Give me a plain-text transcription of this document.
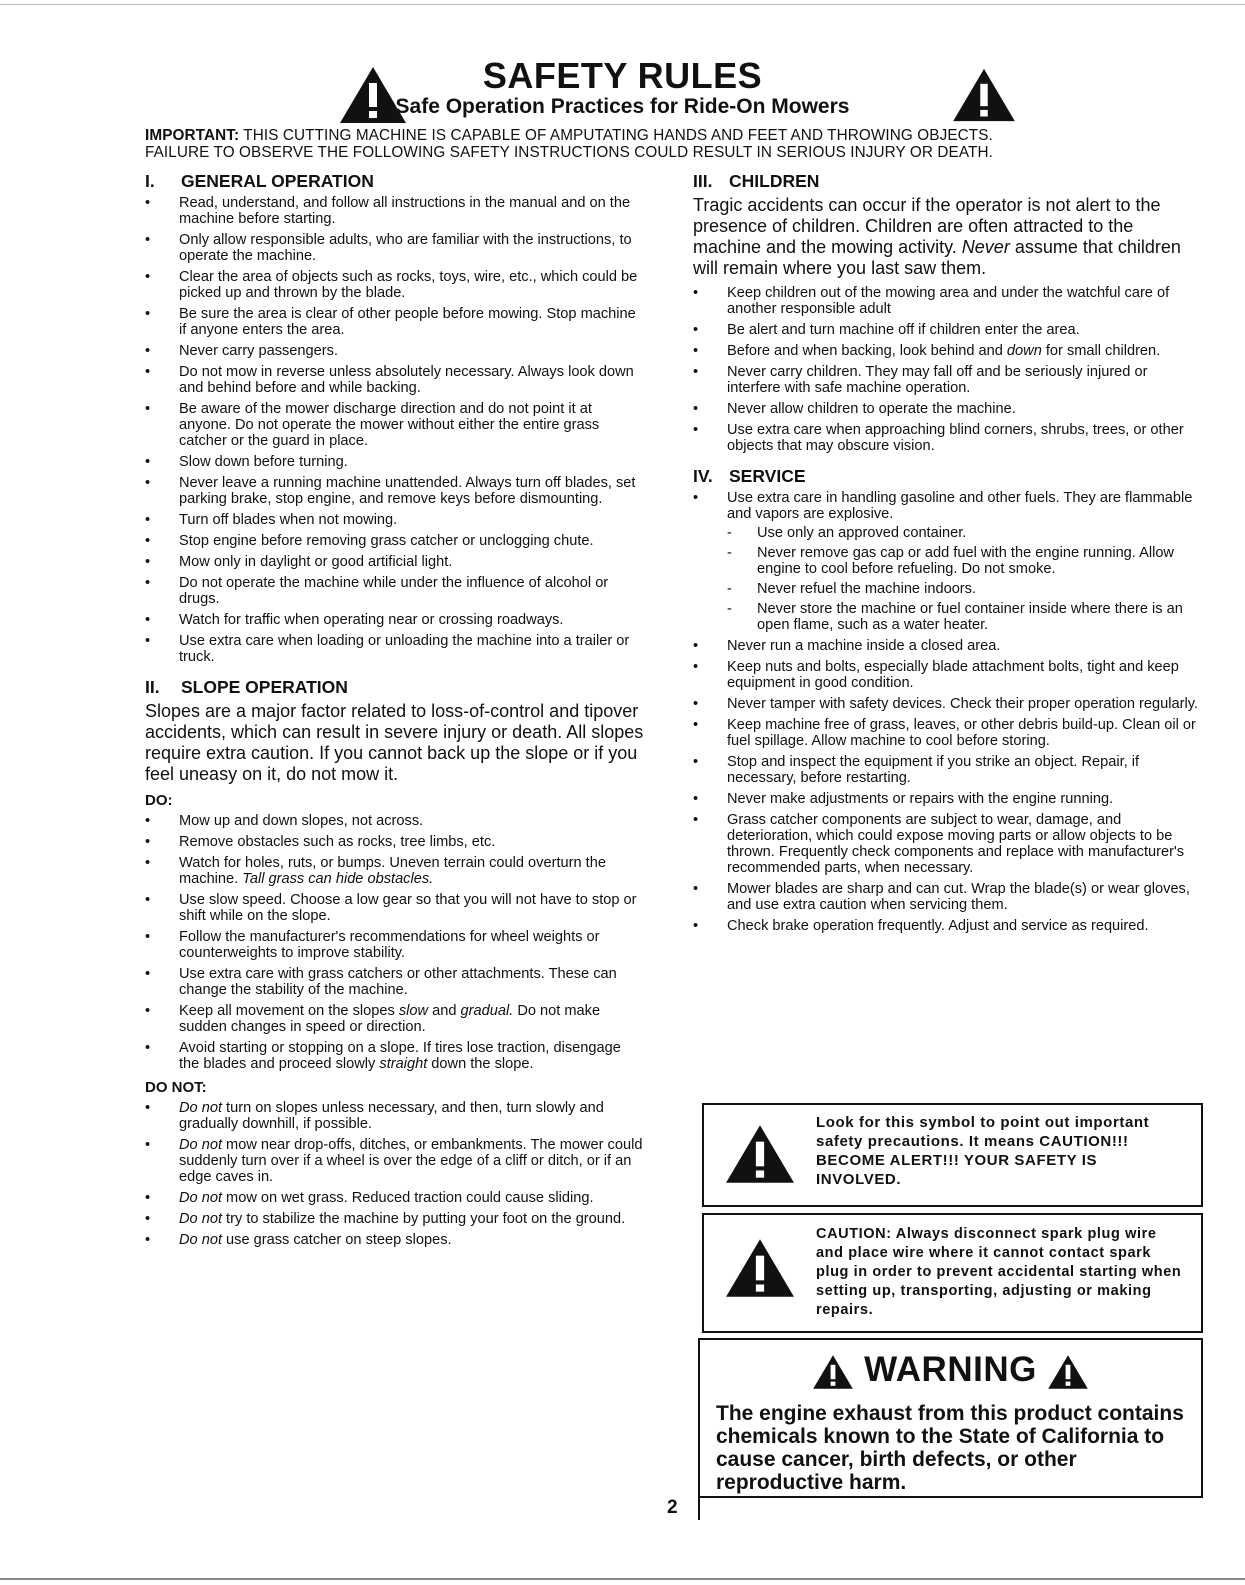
SAFETY RULES
Safe Operation Practices for Ride-On Mowers
IMPORTANT: THIS CUTTING MACHINE IS CAPABLE OF AMPUTATING HANDS AND FEET AND THROWING OBJECTS.
FAILURE TO OBSERVE THE FOLLOWING SAFETY INSTRUCTIONS COULD RESULT IN SERIOUS INJURY OR DEATH.
I. GENERAL OPERATION
• Read, understand, and follow all instructions in the manual and on the machine before starting.
• Only allow responsible adults, who are familiar with the instructions, to operate the machine.
• Clear the area of objects such as rocks, toys, wire, etc., which could be picked up and thrown by the blade.
• Be sure the area is clear of other people before mowing. Stop machine if anyone enters the area.
• Never carry passengers.
• Do not mow in reverse unless absolutely necessary. Always look down and behind before and while backing.
• Be aware of the mower discharge direction and do not point it at anyone. Do not operate the mower without either the entire grass catcher or the guard in place.
• Slow down before turning.
• Never leave a running machine unattended. Always turn off blades, set parking brake, stop engine, and remove keys before dismounting.
• Turn off blades when not mowing.
• Stop engine before removing grass catcher or unclogging chute.
• Mow only in daylight or good artificial light.
• Do not operate the machine while under the influence of alcohol or drugs.
• Watch for traffic when operating near or crossing roadways.
• Use extra care when loading or unloading the machine into a trailer or truck.
II. SLOPE OPERATION

Slopes are a major factor related to loss-of-control and tipover accidents, which can result in severe injury or death. All slopes require extra caution. If you cannot back up the slope or if you feel uneasy on it, do not mow it.

DO:
• Mow up and down slopes, not across.
• Remove obstacles such as rocks, tree limbs, etc.
• Watch for holes, ruts, or bumps. Uneven terrain could overturn the machine. Tall grass can hide obstacles.
• Use slow speed. Choose a low gear so that you will not have to stop or shift while on the slope.
• Follow the manufacturer's recommendations for wheel weights or counterweights to improve stability.
• Use extra care with grass catchers or other attachments. These can change the stability of the machine.
• Keep all movement on the slopes slow and gradual. Do not make sudden changes in speed or direction.
• Avoid starting or stopping on a slope. If tires lose traction, disengage the blades and proceed slowly straight down the slope.
DO NOT:
• Do not turn on slopes unless necessary, and then, turn slowly and gradually downhill, if possible.
• Do not mow near drop-offs, ditches, or embankments. The mower could suddenly turn over if a wheel is over the edge of a cliff or ditch, or if an edge caves in.
• Do not mow on wet grass. Reduced traction could cause sliding.
• Do not try to stabilize the machine by putting your foot on the ground.
• Do not use grass catcher on steep slopes.
III. CHILDREN

Tragic accidents can occur if the operator is not alert to the presence of children. Children are often attracted to the machine and the mowing activity. Never assume that children will remain where you last saw them.

• Keep children out of the mowing area and under the watchful care of another responsible adult
• Be alert and turn machine off if children enter the area.
• Before and when backing, look behind and down for small children.
• Never carry children. They may fall off and be seriously injured or interfere with safe machine operation.
• Never allow children to operate the machine.
• Use extra care when approaching blind corners, shrubs, trees, or other objects that may obscure vision.
IV. SERVICE
• Use extra care in handling gasoline and other fuels. They are flammable and vapors are explosive.
- Use only an approved container.
- Never remove gas cap or add fuel with the engine running. Allow engine to cool before refueling. Do not smoke.
- Never refuel the machine indoors.
- Never store the machine or fuel container inside where there is an open flame, such as a water heater.
• Never run a machine inside a closed area.
• Keep nuts and bolts, especially blade attachment bolts, tight and keep equipment in good condition.
• Never tamper with safety devices. Check their proper operation regularly.
• Keep machine free of grass, leaves, or other debris build-up. Clean oil or fuel spillage. Allow machine to cool before storing.
• Stop and inspect the equipment if you strike an object. Repair, if necessary, before restarting.
• Never make adjustments or repairs with the engine running.
• Grass catcher components are subject to wear, damage, and deterioration, which could expose moving parts or allow objects to be thrown. Frequently check components and replace with manufacturer's recommended parts, when necessary.
• Mower blades are sharp and can cut. Wrap the blade(s) or wear gloves, and use extra caution when servicing them.
• Check brake operation frequently. Adjust and service as required.
Look for this symbol to point out important safety precautions. It means CAUTION!!! BECOME ALERT!!! YOUR SAFETY IS INVOLVED.
CAUTION: Always disconnect spark plug wire and place wire where it cannot contact spark plug in order to prevent accidental starting when setting up, transporting, adjusting or making repairs.
WARNING
The engine exhaust from this product contains chemicals known to the State of California to cause cancer, birth defects, or other reproductive harm.
2
